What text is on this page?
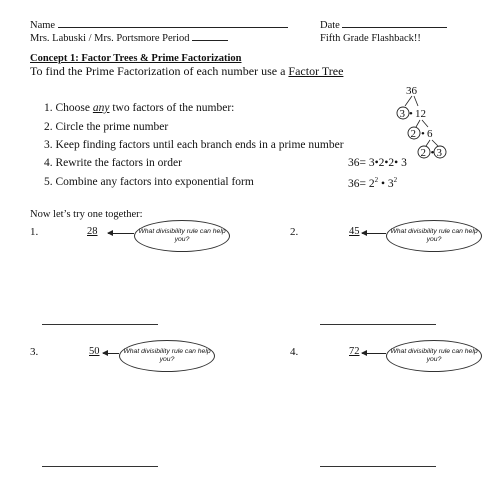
Name	Date
Mrs. Labuski / Mrs. Portsmore Period	Fifth Grade Flashback!!
Concept 1: Factor Trees & Prime Factorization
To find the Prime Factorization of each number use a Factor Tree
1. Choose any two factors of the number:
2. Circle the prime number
3. Keep finding factors until each branch ends in a prime number
4. Rewrite the factors in order
5. Combine any factors into exponential form
36= 3•2•2• 3
$36= 2^2$ • $3^2$
36
3 • 12
2 • 6
2 • 3
Now let’s try one together:
1.	28	What divisibility rule can help you?
2.	45	What divisibility rule can help you?
3.	50	What divisibility rule can help you?
4.	72	What divisibility rule can help you?
